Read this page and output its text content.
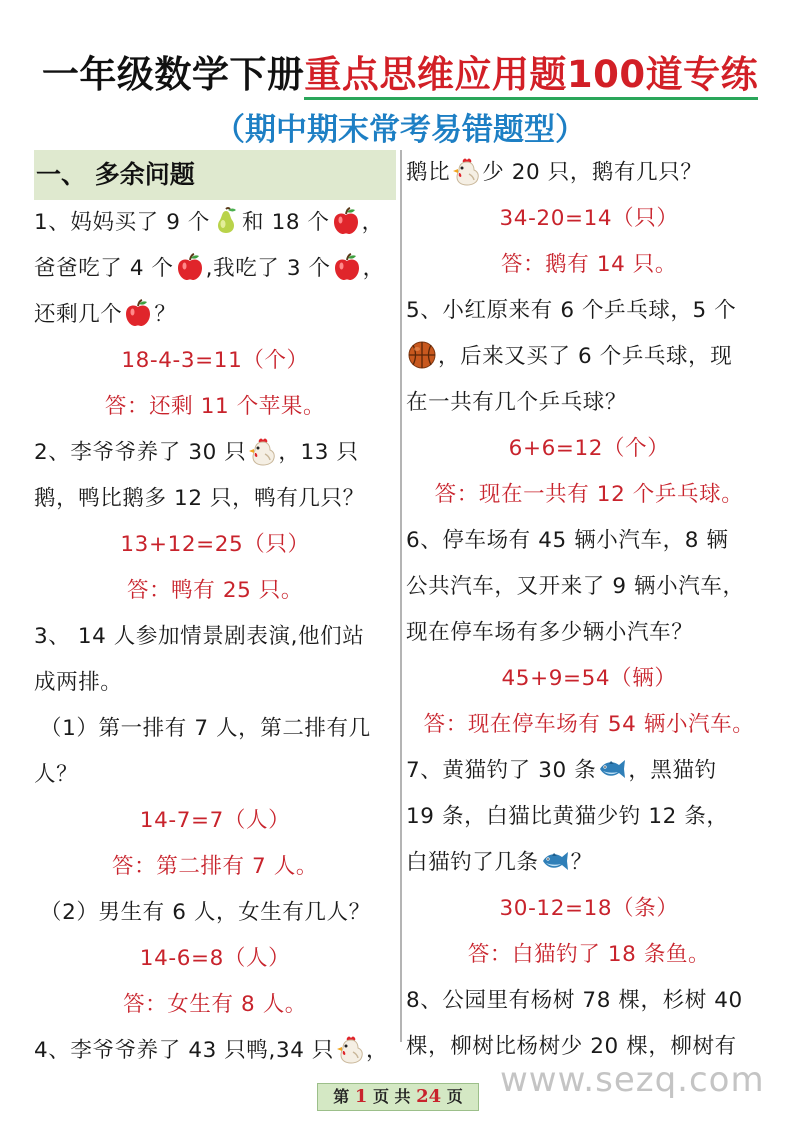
一年级数学下册重点思维应用题100道专练
（期中期末常考易错题型）
一、 多余问题
1、妈妈买了 9 个 和 18 个 ，
爸爸吃了 4 个 ,我吃了 3 个 ，
还剩几个 ？
18-4-3=11（个）
答：还剩 11 个苹果。
2、李爷爷养了 30 只 ，13 只
鹅，鸭比鹅多 12 只，鸭有几只？
13+12=25（只）
答：鸭有 25 只。
3、 14 人参加情景剧表演,他们站
成两排。
（1）第一排有 7 人，第二排有几
人？
14-7=7（人）
答：第二排有 7 人。
（2）男生有 6 人，女生有几人？
14-6=8（人）
答：女生有 8 人。
4、李爷爷养了 43 只鸭,34 只 ，
鹅比 少 20 只，鹅有几只？
34-20=14（只）
答：鹅有 14 只。
5、小红原来有 6 个乒乓球，5 个
，后来又买了 6 个乒乓球，现
在一共有几个乒乓球？
6+6=12（个）
答：现在一共有 12 个乒乓球。
6、停车场有 45 辆小汽车，8 辆
公共汽车，又开来了 9 辆小汽车，
现在停车场有多少辆小汽车？
45+9=54（辆）
答：现在停车场有 54 辆小汽车。
7、黄猫钓了 30 条 ，黑猫钓
19 条，白猫比黄猫少钓 12 条，
白猫钓了几条 ？
30-12=18（条）
答：白猫钓了 18 条鱼。
8、公园里有杨树 78 棵，杉树 40
棵，柳树比杨树少 20 棵，柳树有
www.sezq.com
第 1 页 共 24 页
